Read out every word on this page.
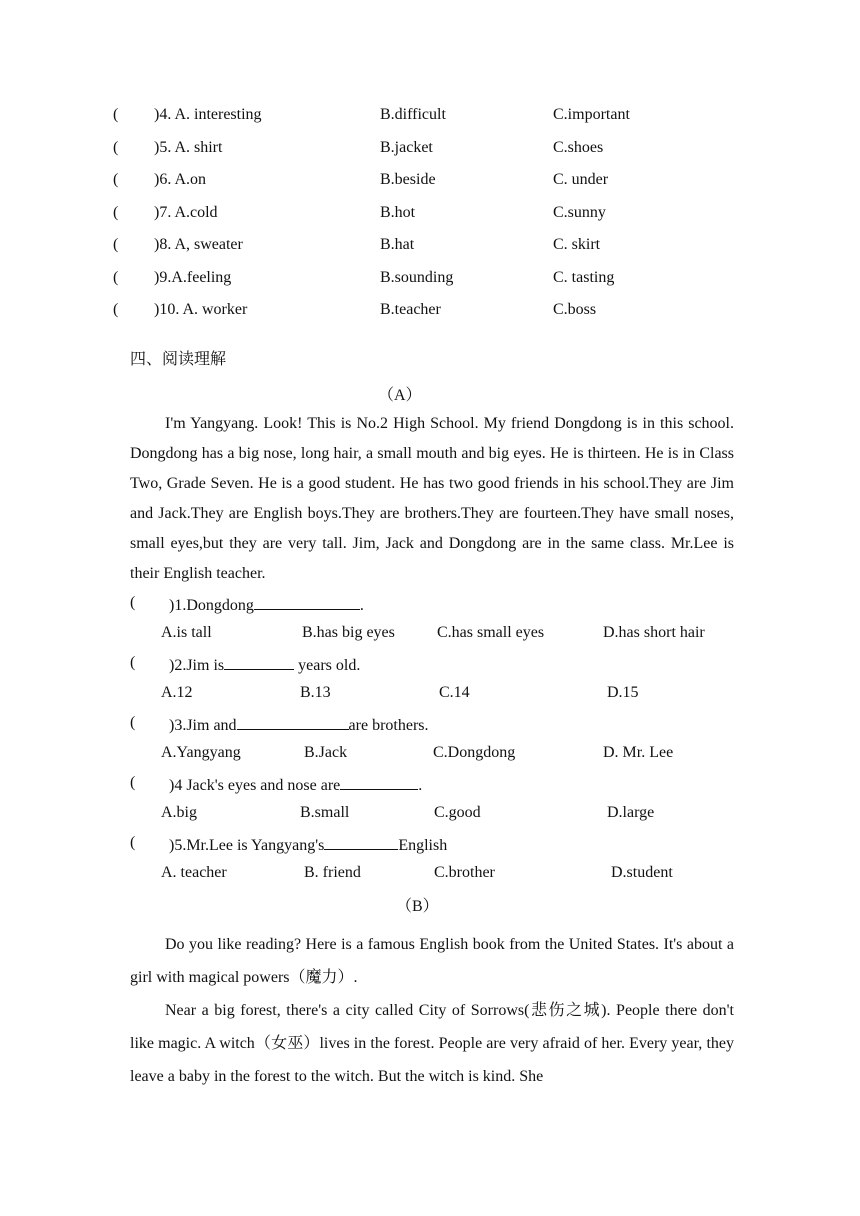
( )4. A. interesting	B.difficult	C.important
( )5. A. shirt	B.jacket	C.shoes
( )6. A.on	B.beside	C. under
( )7. A.cold	B.hot	C.sunny
( )8. A, sweater	B.hat	C. skirt
( )9.A.feeling	B.sounding	C. tasting
( )10. A. worker	B.teacher	C.boss
四、阅读理解
（A）
I'm Yangyang. Look! This is No.2 High School. My friend Dongdong is in this school. Dongdong has a big nose, long hair, a small mouth and big eyes. He is thirteen. He is in Class Two, Grade Seven. He is a good student. He has two good friends in his school.They are Jim and Jack.They are English boys.They are brothers.They are fourteen.They have small noses, small eyes,but they are very tall. Jim, Jack and Dongdong are in the same class. Mr.Lee is their English teacher.
( )1.Dongdong	.
A.is tall	B.has big eyes	C.has small eyes	D.has short hair
( )2.Jim is	years old.
A.12	B.13	C.14	D.15
( )3.Jim and	are brothers.
A.Yangyang	B.Jack	C.Dongdong	D. Mr. Lee
( )4 Jack's eyes and nose are	.
A.big	B.small	C.good	D.large
( )5.Mr.Lee is Yangyang's	English
A. teacher	B. friend	C.brother	D.student
（B）
Do you like reading? Here is a famous English book from the United States. It's about a girl with magical powers（魔力）.
Near a big forest, there's a city called City of Sorrows(悲伤之城). People there don't like magic. A witch（女巫）lives in the forest. People are very afraid of her. Every year, they leave a baby in the forest to the witch. But the witch is kind. She
